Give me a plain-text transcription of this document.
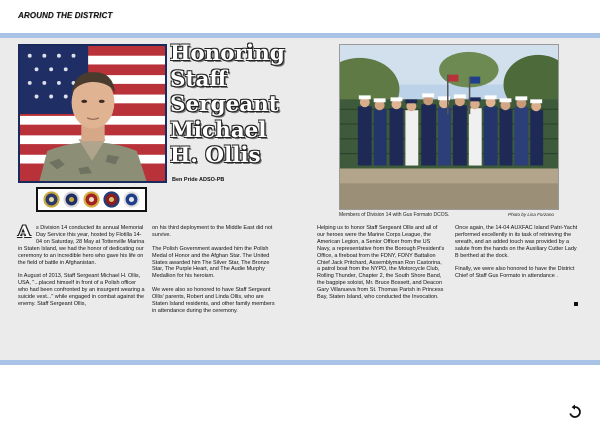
AROUND THE DISTRICT
Honoring
Staff
Sergeant
Michael
H. Ollis
Ben Pride ADSO-PB
Members of Division 14 with Gus Formato DCOS.	Photo by Lisa Forzano

A	s Division 14 conducted its annual Memorial Day Service this year, hosted by Flotilla 14-04 on Saturday, 28 May at Tottenville Marina in Staten Island, we had the honor of dedicating our ceremony to an incredible hero who gave his life on the field of battle in Afghanistan.

In August of 2013, Staff Sergeant Michael H. Ollis, USA, "...placed himself in front of a Polish officer who had been confronted by an insurgent wearing a suicide vest..." while engaged in combat against the enemy. Staff Sergeant Ollis,

on his third deployment to the Middle East did not survive.

The Polish Government awarded him the Polish Medal of Honor and the Afghan Star. The United States awarded him The Silver Star, The Bronze Star, The Purple Heart, and The Audie Murphy Medallion for his heroism.

We were also so honored to have Staff Sergeant Ollis' parents, Robert and Linda Ollis, who are Staten Island residents, and other family members in attendance during the ceremony.

Helping us to honor Staff Sergeant Ollis and all of our heroes were the Marine Corps League, the American Legion, a Senior Officer from the US Navy, a representative from the Borough President's Office, a fireboat from the FDNY, FDNY Battalion Chief Jack Pritchard, Assemblyman Ron Castorina, a patrol boat from the NYPD, the Motorcycle Club, Rolling Thunder, Chapter 2, the South Shore Band, the bagpipe soloist, Mr. Bruce Bossett, and Deacon Gary Villanueva from St. Thomas Parish in Princess Bay, Staten Island, who conducted the Invocation.

Once again, the 14-04 AUXFAC Island Patri-Yacht performed excellently in its task of retrieving the wreath, and an added touch was provided by a salute from the hands on the Auxiliary Cutter Lady B berthed at the dock.

Finally, we were also honored to have the District Chief of Staff Gus Formato in attendance .
